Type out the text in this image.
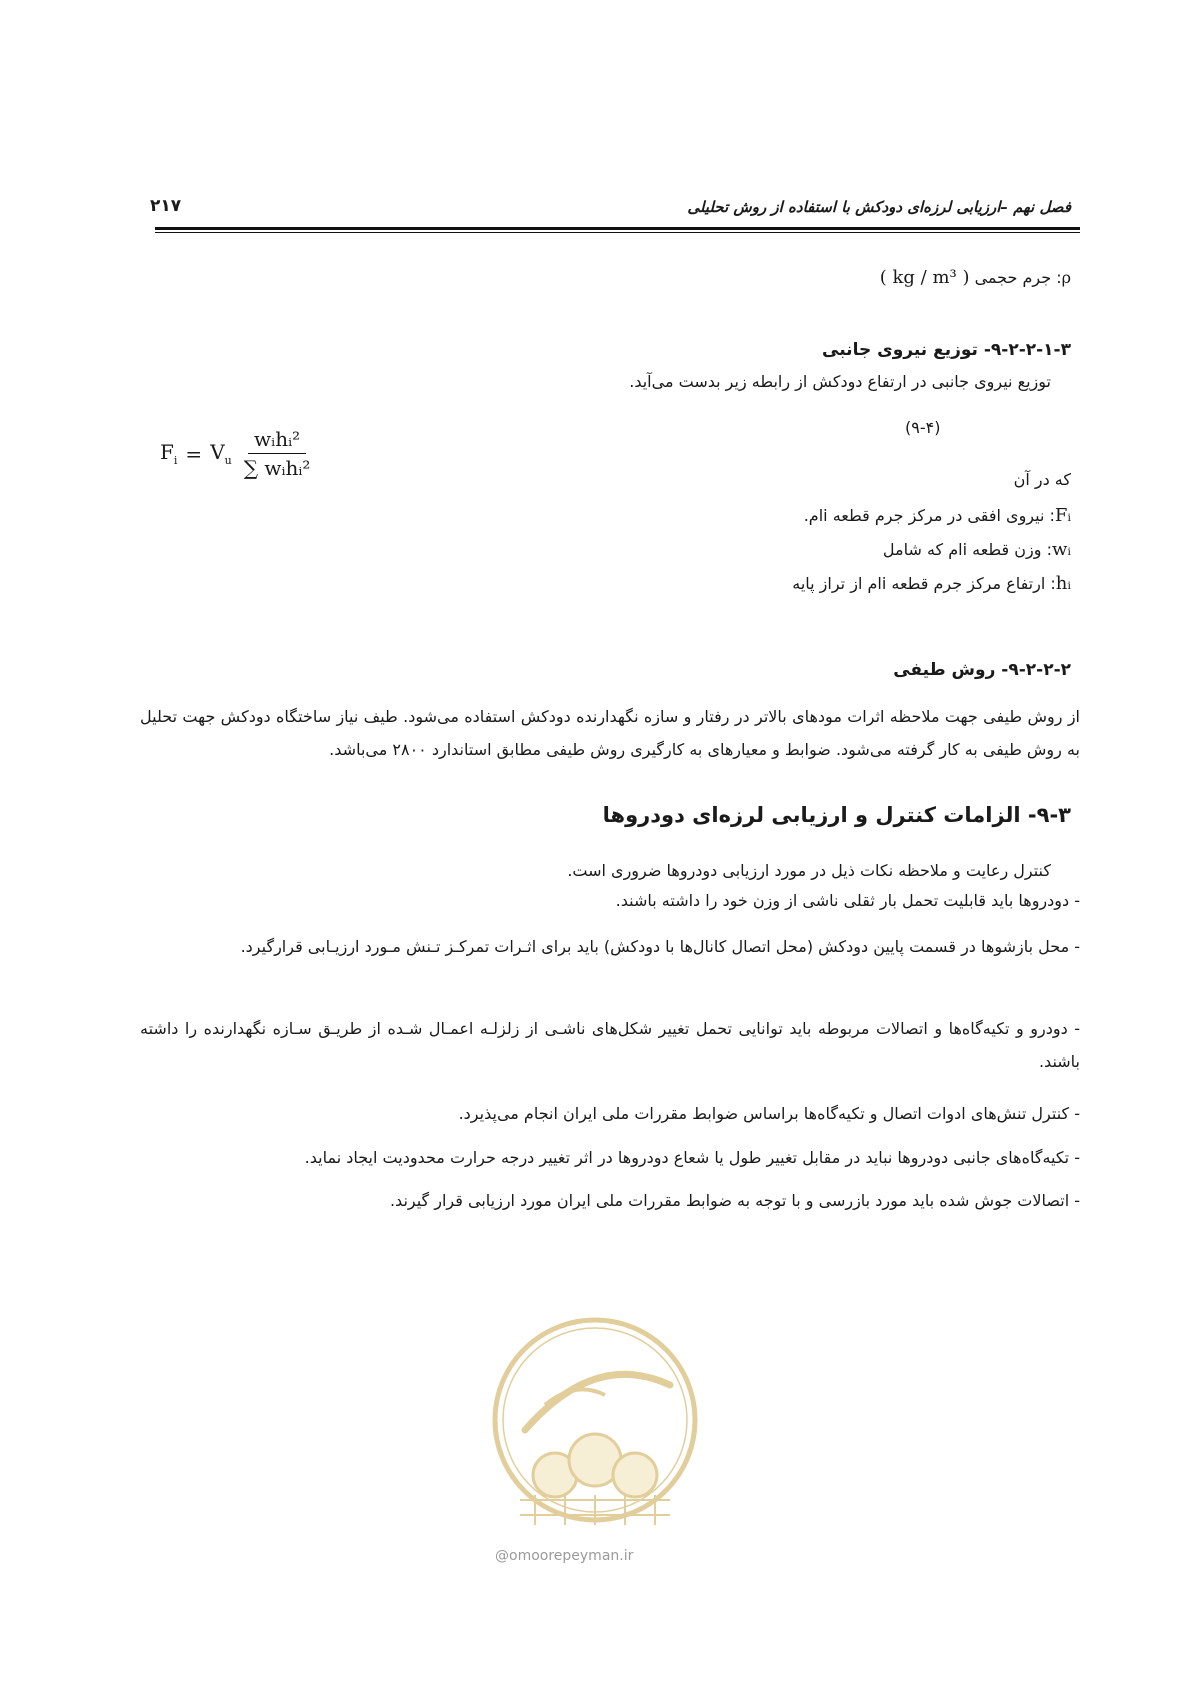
فصل نهم –ارزیابی لرزه‌ای دودکش با استفاده از روش تحلیلی
۲۱۷
ρ: جرم حجمی ( kg / m³ )
۹-۲-۲-۱-۳- توزیع نیروی جانبی
توزیع نیروی جانبی در ارتفاع دودکش از رابطه زیر بدست می‌آید.
$F_i = V_u \frac{\text{wᵢhᵢ²}}{\text{∑ wᵢhᵢ²}}$	(۹-۴)
که در آن
Fᵢ: نیروی افقی در مرکز جرم قطعه iام.
wᵢ: وزن قطعه iام که شامل
hᵢ: ارتفاع مرکز جرم قطعه iام از تراز پایه
۹-۲-۲-۲- روش طیفی
از روش طیفی جهت ملاحظه اثرات مودهای بالاتر در رفتار و سازه نگهدارنده دودکش استفاده می‌شود. طیف نیاز ساختگاه دودکش جهت تحلیل به روش طیفی به کار گرفته می‌شود. ضوابط و معیارهای به کارگیری روش طیفی مطابق استاندارد ۲۸۰۰ می‌باشد.
۹-۳- الزامات کنترل و ارزیابی لرزه‌ای دودروها
کنترل رعایت و ملاحظه نکات ذیل در مورد ارزیابی دودروها ضروری است.
- دودروها باید قابلیت تحمل بار ثقلی ناشی از وزن خود را داشته باشند.
- محل بازشوها در قسمت پایین دودکش (محل اتصال کانال‌ها با دودکش) باید برای اثـرات تمرکـز تـنش مـورد ارزیـابی قرارگیرد.
- دودرو و تکیه‌گاه‌ها و اتصالات مربوطه باید توانایی تحمل تغییر شکل‌های ناشـی از زلزلـه اعمـال شـده از طریـق سـازه نگهدارنده را داشته باشند.
- کنترل تنش‌های ادوات اتصال و تکیه‌گاه‌ها براساس ضوابط مقررات ملی ایران انجام می‌پذیرد.
- تکیه‌گاه‌های جانبی دودروها نباید در مقابل تغییر طول یا شعاع دودروها در اثر تغییر درجه حرارت محدودیت ایجاد نماید.
- اتصالات جوش شده باید مورد بازرسی و با توجه به ضوابط مقررات ملی ایران مورد ارزیابی قرار گیرند.
@omoorepeyman.ir
